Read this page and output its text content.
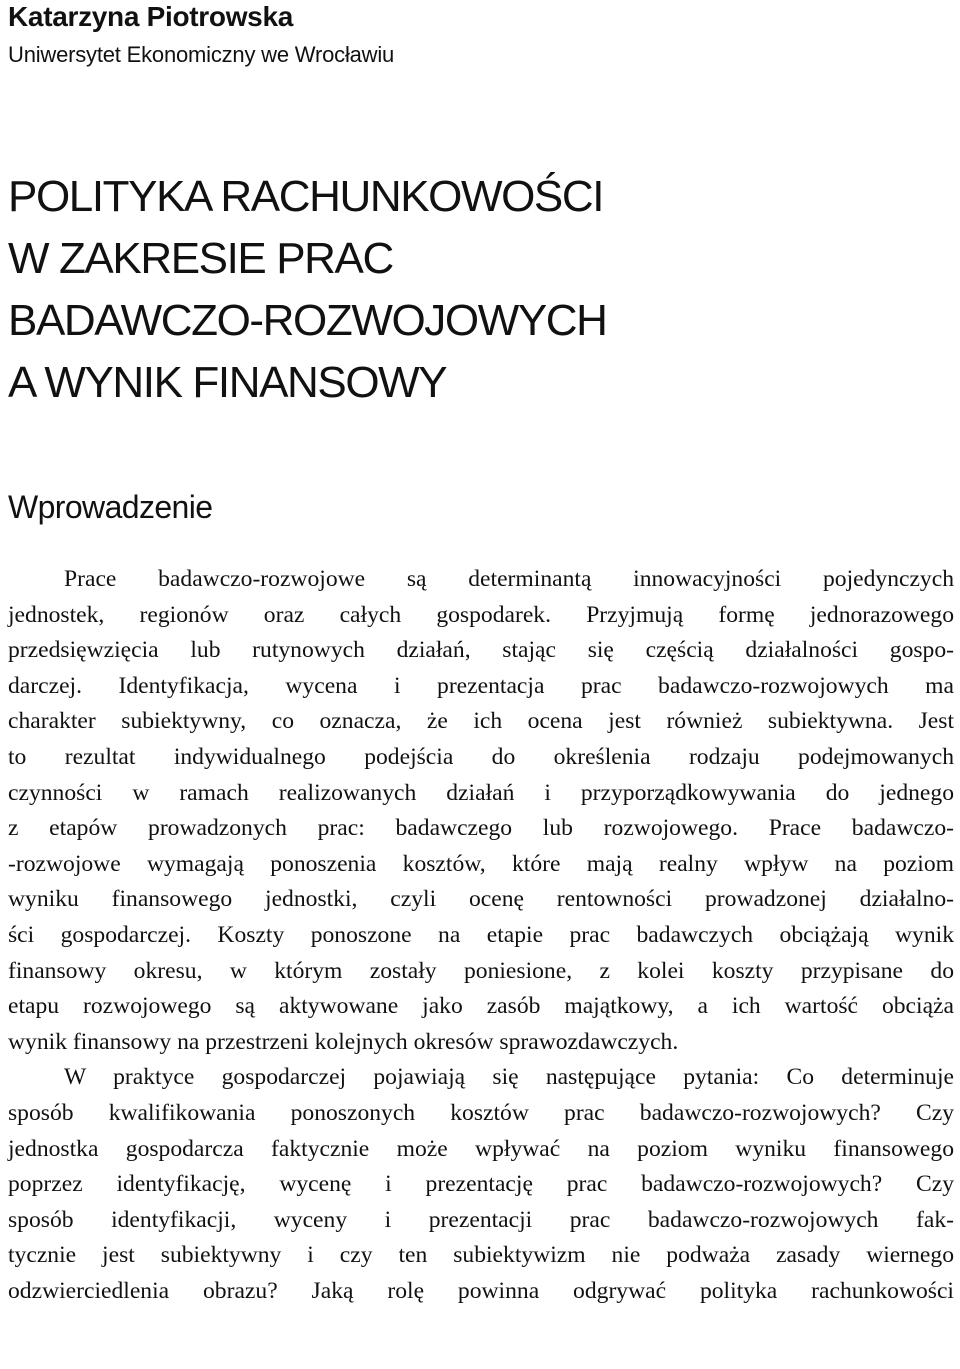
Katarzyna Piotrowska
Uniwersytet Ekonomiczny we Wrocławiu
POLITYKA RACHUNKOWOŚCI
W ZAKRESIE PRAC
BADAWCZO-ROZWOJOWYCH
A WYNIK FINANSOWY
Wprowadzenie
Prace badawczo-rozwojowe są determinantą innowacyjności pojedynczych
jednostek, regionów oraz całych gospodarek. Przyjmują formę jednorazowego
przedsięwzięcia lub rutynowych działań, stając się częścią działalności gospo-
darczej. Identyfikacja, wycena i prezentacja prac badawczo-rozwojowych ma
charakter subiektywny, co oznacza, że ich ocena jest również subiektywna. Jest
to rezultat indywidualnego podejścia do określenia rodzaju podejmowanych
czynności w ramach realizowanych działań i przyporządkowywania do jednego
z etapów prowadzonych prac: badawczego lub rozwojowego. Prace badawczo-
-rozwojowe wymagają ponoszenia kosztów, które mają realny wpływ na poziom
wyniku finansowego jednostki, czyli ocenę rentowności prowadzonej działalno-
ści gospodarczej. Koszty ponoszone na etapie prac badawczych obciążają wynik
finansowy okresu, w którym zostały poniesione, z kolei koszty przypisane do
etapu rozwojowego są aktywowane jako zasób majątkowy, a ich wartość obciąża
wynik finansowy na przestrzeni kolejnych okresów sprawozdawczych.
W praktyce gospodarczej pojawiają się następujące pytania: Co determinuje
sposób kwalifikowania ponoszonych kosztów prac badawczo-rozwojowych? Czy
jednostka gospodarcza faktycznie może wpływać na poziom wyniku finansowego
poprzez identyfikację, wycenę i prezentację prac badawczo-rozwojowych? Czy
sposób identyfikacji, wyceny i prezentacji prac badawczo-rozwojowych fak-
tycznie jest subiektywny i czy ten subiektywizm nie podważa zasady wiernego
odzwierciedlenia obrazu? Jaką rolę powinna odgrywać polityka rachunkowości
